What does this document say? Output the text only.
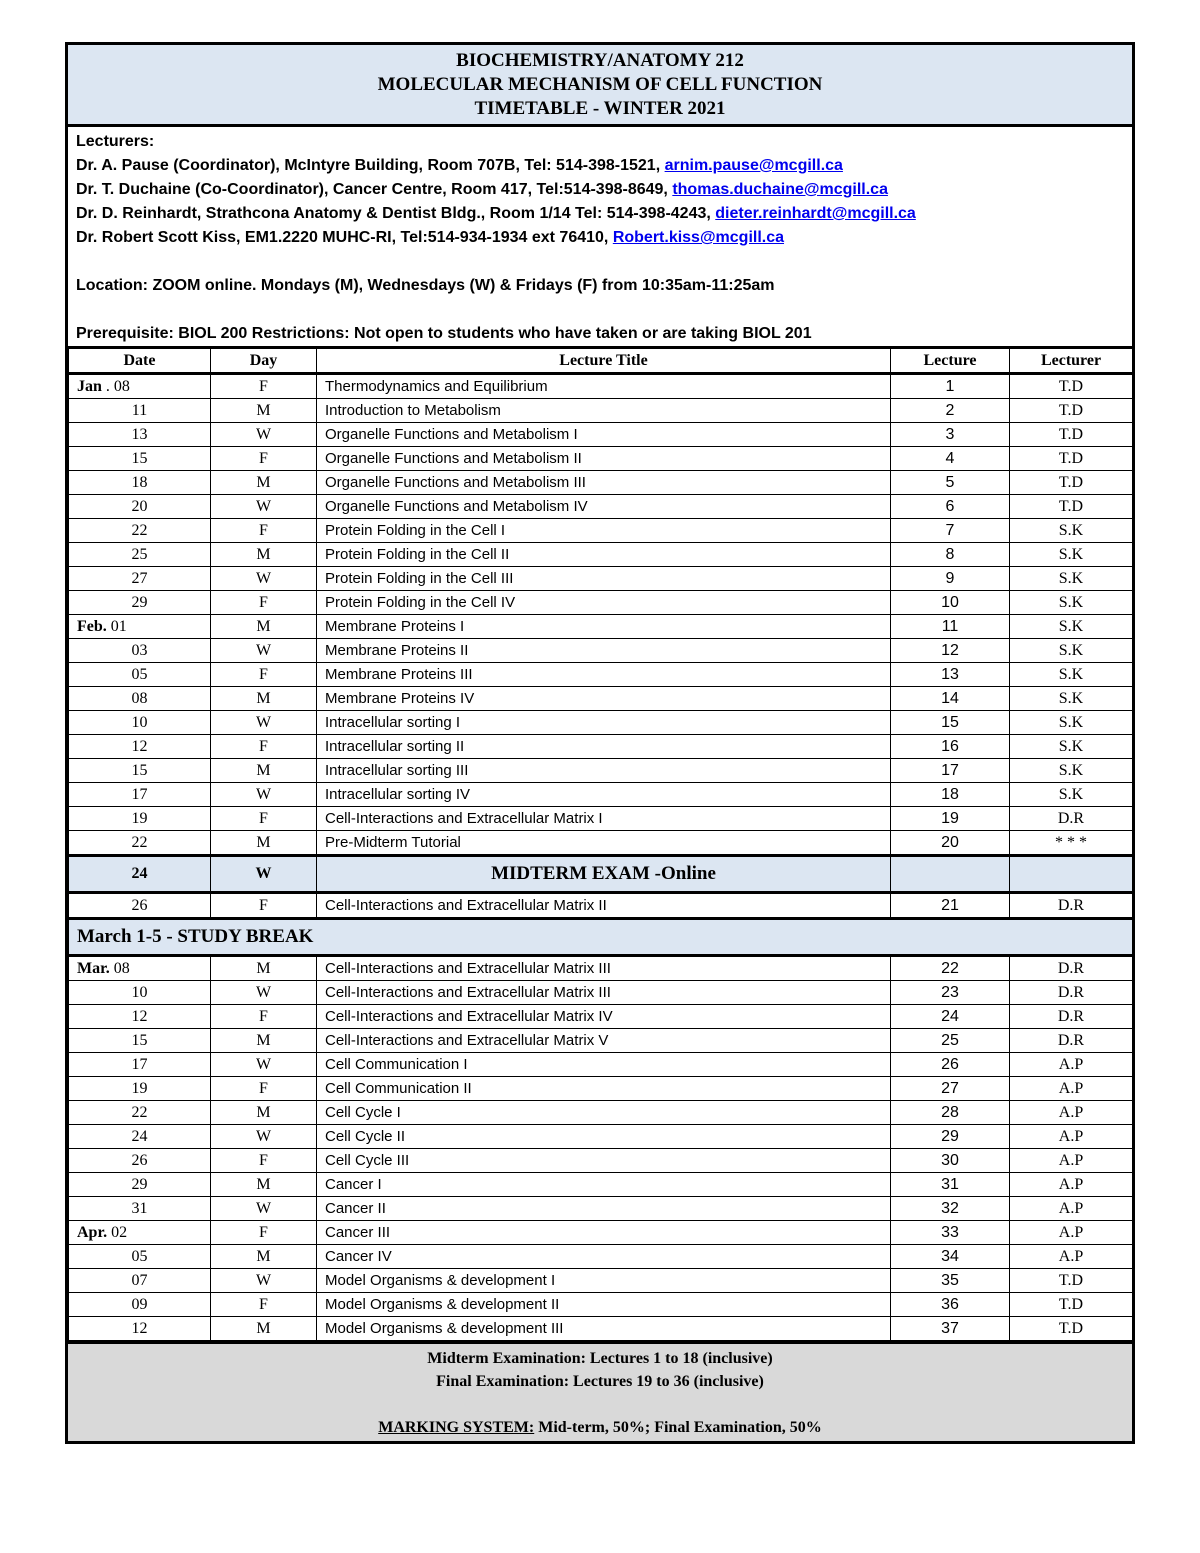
BIOCHEMISTRY/ANATOMY 212
MOLECULAR MECHANISM OF CELL FUNCTION
TIMETABLE - WINTER 2021
Lecturers:
Dr. A. Pause (Coordinator), McIntyre Building, Room 707B, Tel: 514-398-1521, arnim.pause@mcgill.ca
Dr. T. Duchaine (Co-Coordinator), Cancer Centre, Room 417, Tel:514-398-8649, thomas.duchaine@mcgill.ca
Dr. D. Reinhardt, Strathcona Anatomy & Dentist Bldg., Room 1/14 Tel: 514-398-4243, dieter.reinhardt@mcgill.ca
Dr. Robert Scott Kiss, EM1.2220 MUHC-RI, Tel:514-934-1934 ext 76410, Robert.kiss@mcgill.ca
Location: ZOOM online. Mondays (M), Wednesdays (W) & Fridays (F) from 10:35am-11:25am
Prerequisite: BIOL 200 Restrictions: Not open to students who have taken or are taking BIOL 201
Date	Day	Lecture Title	Lecture	Lecturer
Jan . 08	F	Thermodynamics and Equilibrium	1	T.D
11	M	Introduction to Metabolism	2	T.D
13	W	Organelle Functions and Metabolism I	3	T.D
15	F	Organelle Functions and Metabolism II	4	T.D
18	M	Organelle Functions and Metabolism III	5	T.D
20	W	Organelle Functions and Metabolism IV	6	T.D
22	F	Protein Folding in the Cell I	7	S.K
25	M	Protein Folding in the Cell II	8	S.K
27	W	Protein Folding in the Cell III	9	S.K
29	F	Protein Folding in the Cell IV	10	S.K
Feb. 01	M	Membrane Proteins I	11	S.K
03	W	Membrane Proteins II	12	S.K
05	F	Membrane Proteins III	13	S.K
08	M	Membrane Proteins IV	14	S.K
10	W	Intracellular sorting I	15	S.K
12	F	Intracellular sorting II	16	S.K
15	M	Intracellular sorting III	17	S.K
17	W	Intracellular sorting IV	18	S.K
19	F	Cell-Interactions and Extracellular Matrix I	19	D.R
22	M	Pre-Midterm Tutorial	20	* * *
24	W	MIDTERM EXAM -Online		
26	F	Cell-Interactions and Extracellular Matrix II	21	D.R
March 1-5 - STUDY BREAK				
Mar. 08	M	Cell-Interactions and Extracellular Matrix III	22	D.R
10	W	Cell-Interactions and Extracellular Matrix III	23	D.R
12	F	Cell-Interactions and Extracellular Matrix IV	24	D.R
15	M	Cell-Interactions and Extracellular Matrix V	25	D.R
17	W	Cell Communication I	26	A.P
19	F	Cell Communication II	27	A.P
22	M	Cell Cycle I	28	A.P
24	W	Cell Cycle II	29	A.P
26	F	Cell Cycle III	30	A.P
29	M	Cancer I	31	A.P
31	W	Cancer II	32	A.P
Apr. 02	F	Cancer III	33	A.P
05	M	Cancer IV	34	A.P
07	W	Model Organisms & development I	35	T.D
09	F	Model Organisms & development II	36	T.D
12	M	Model Organisms & development III	37	T.D
Midterm Examination: Lectures 1 to 18 (inclusive)
Final Examination: Lectures 19 to 36 (inclusive)
MARKING SYSTEM: Mid-term, 50%; Final Examination, 50%
